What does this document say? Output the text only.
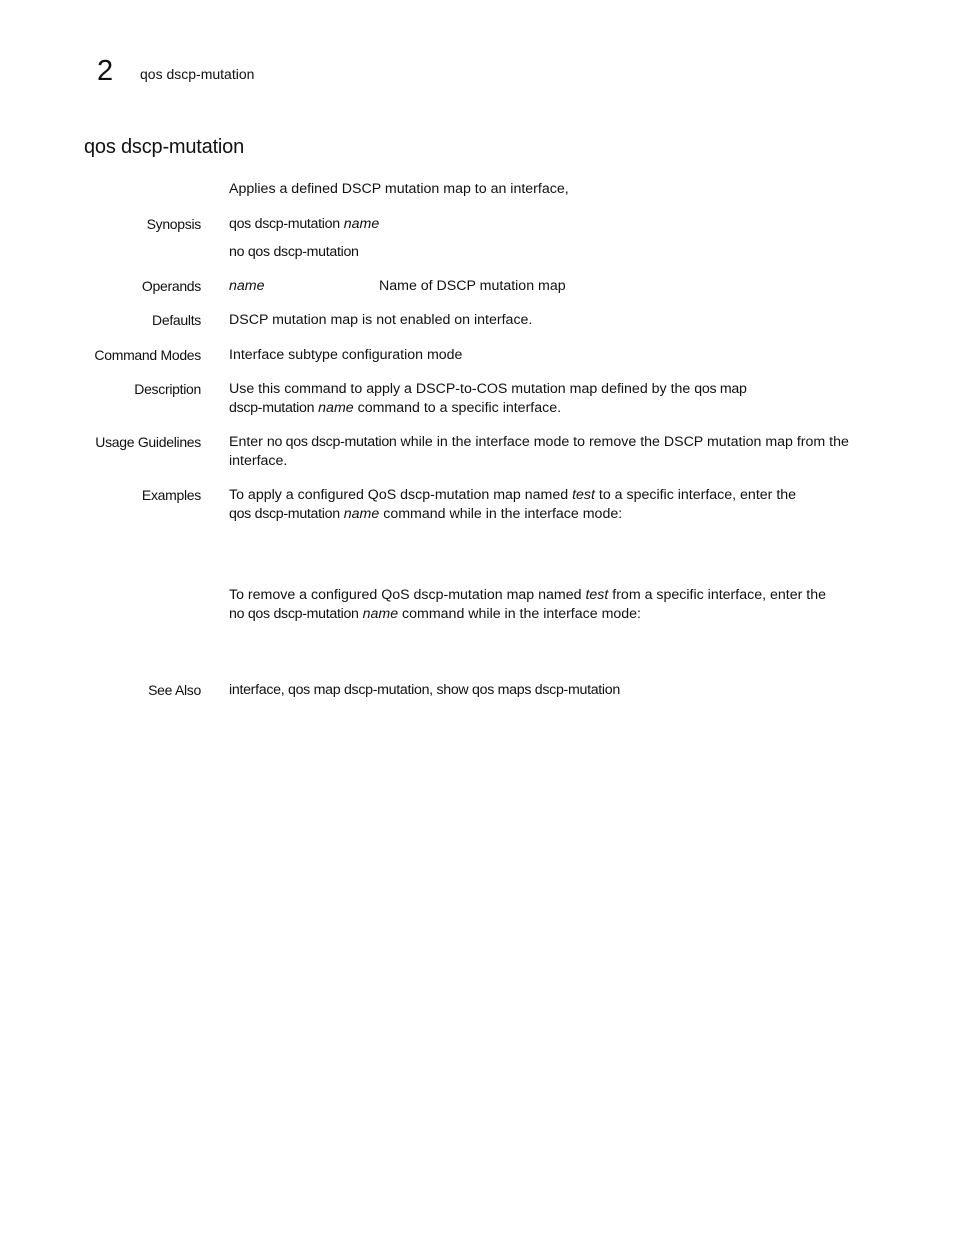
2 qos dscp-mutation
qos dscp-mutation
Applies a defined DSCP mutation map to an interface,
Synopsis qos dscp-mutation name
no qos dscp-mutation
Operands name	Name of DSCP mutation map
Defaults DSCP mutation map is not enabled on interface.
Command Modes Interface subtype configuration mode
Description Use this command to apply a DSCP-to-COS mutation map defined by the qos map
dscp-mutation name command to a specific interface.
Usage Guidelines Enter no qos dscp-mutation while in the interface mode to remove the DSCP mutation map from the interface.
Examples To apply a configured QoS dscp-mutation map named test to a specific interface, enter the
qos dscp-mutation name command while in the interface mode:
To remove a configured QoS dscp-mutation map named test from a specific interface, enter the
no qos dscp-mutation name command while in the interface mode:
See Also interface, qos map dscp-mutation, show qos maps dscp-mutation
